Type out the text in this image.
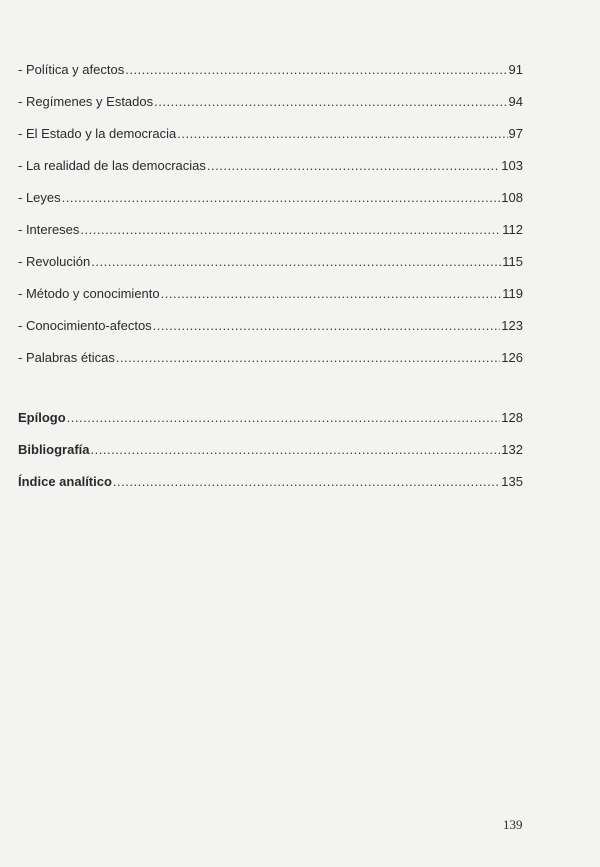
- Política y afectos .....	91
- Regímenes y Estados .....	94
- El Estado y la democracia .....	97
- La realidad de las democracias .....	103
- Leyes .....	108
- Intereses .....	112
- Revolución .....	115
- Método y conocimiento .....	119
- Conocimiento-afectos .....	123
- Palabras éticas .....	126
Epílogo .....	128
Bibliografía .....	132
Índice analítico .....	135
139
